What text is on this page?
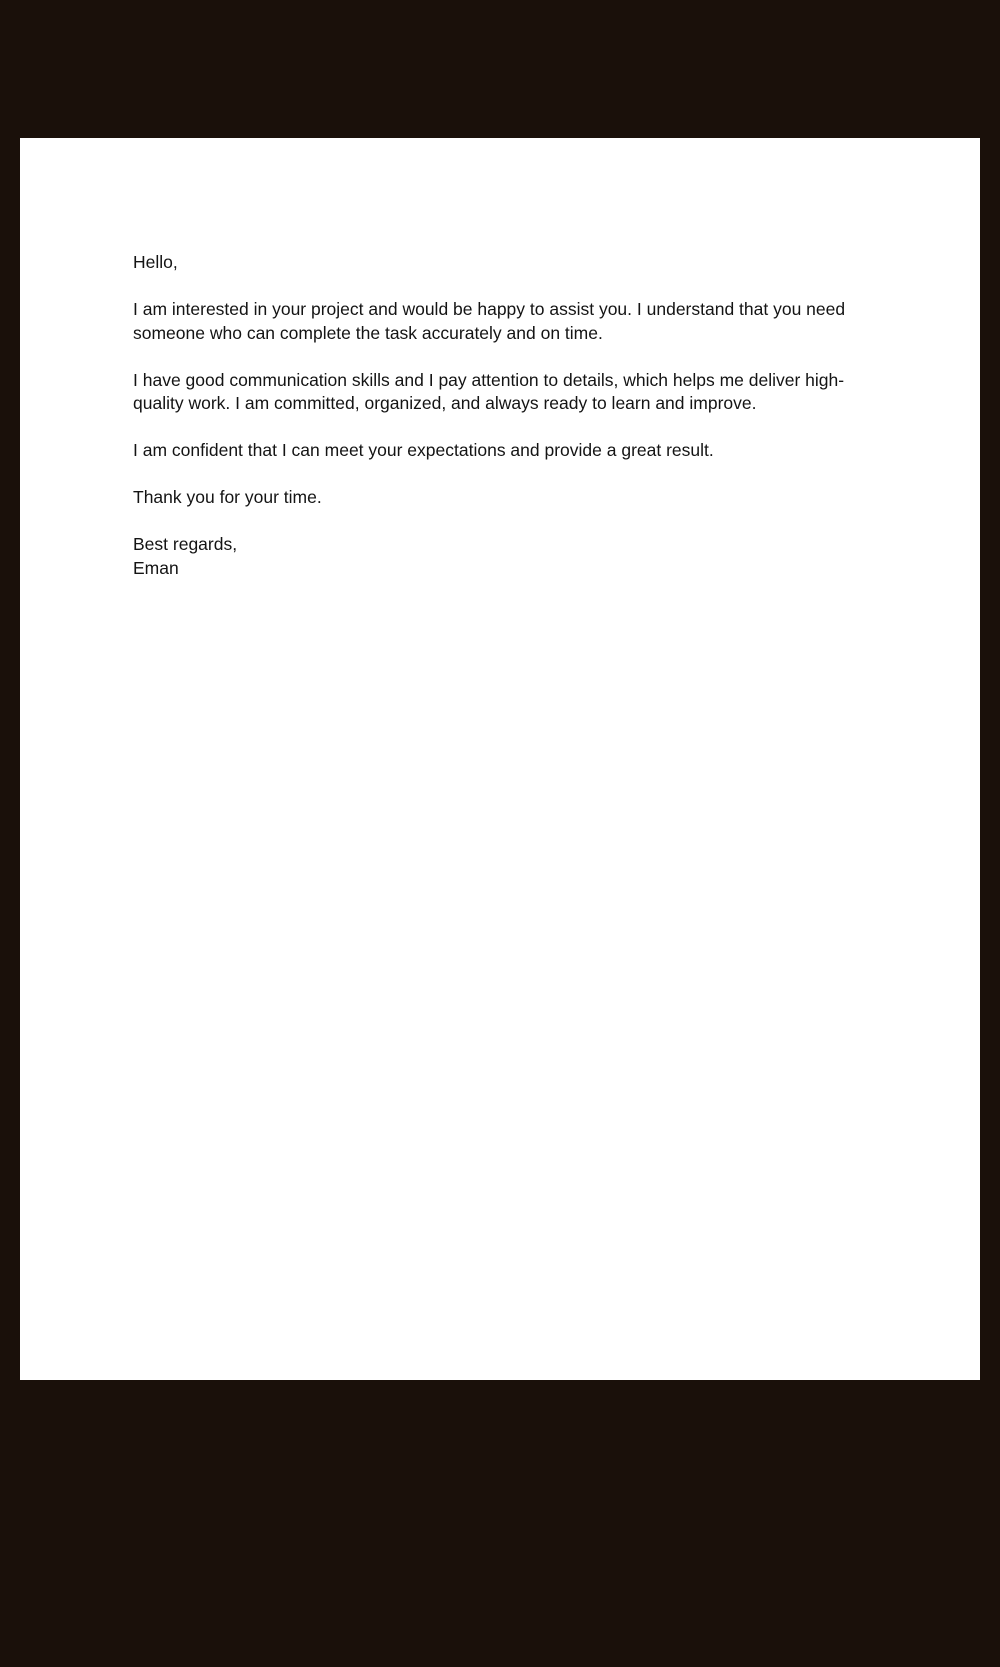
Hello,

I am interested in your project and would be happy to assist you. I understand that you need someone who can complete the task accurately and on time.

I have good communication skills and I pay attention to details, which helps me deliver high-quality work. I am committed, organized, and always ready to learn and improve.

I am confident that I can meet your expectations and provide a great result.

Thank you for your time.

Best regards,

Eman
